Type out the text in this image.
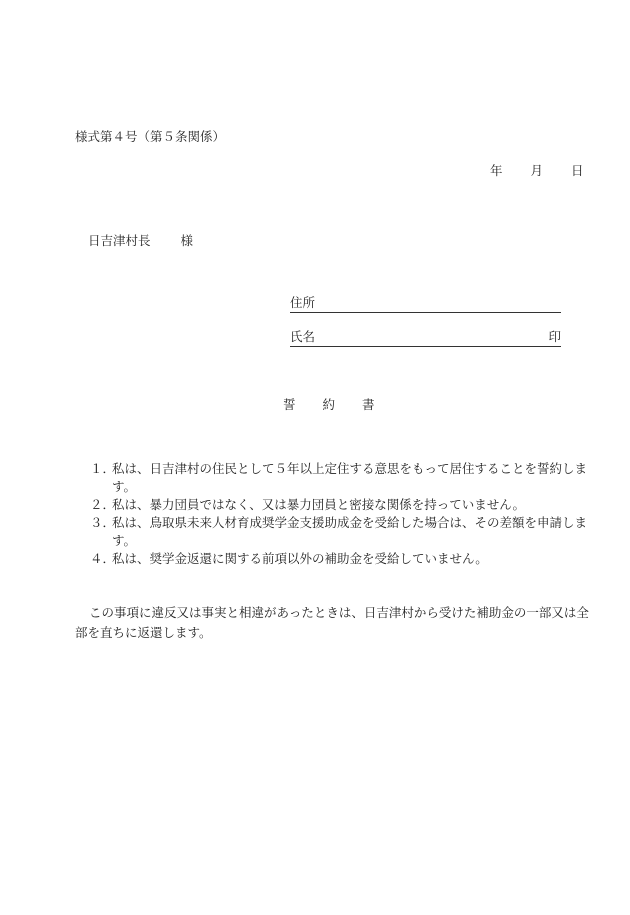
様式第４号（第５条関係）
年 月 日
日吉津村長 様
住所
氏名	印
誓 約 書
１．
私は、日吉津村の住民として５年以上定住する意思をもって居住することを誓約します。
２．
私は、暴力団員ではなく、又は暴力団員と密接な関係を持っていません。
３．
私は、鳥取県未来人材育成奨学金支援助成金を受給した場合は、その差額を申請します。
４．
私は、奨学金返還に関する前項以外の補助金を受給していません。

この事項に違反又は事実と相違があったときは、日吉津村から受けた補助金の一部又は全部を直ちに返還します。
